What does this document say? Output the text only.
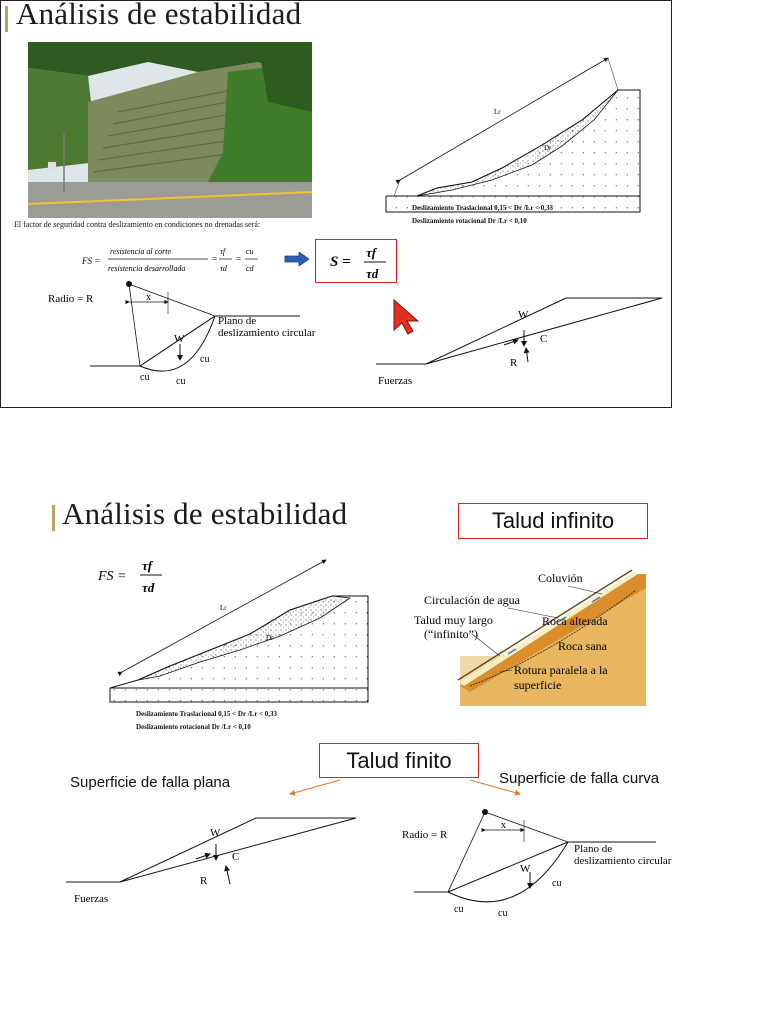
Análisis de estabilidad
El factor de seguridad contra deslizamiento en condiciones no drenadas será:
FS =
resistencia al corte
resistencia desarrollada
=
τf
τd
=
cu
cd	S =
τf
τd
Lr
Dr
Deslizamiento Traslacional 0,15 < Dr /Lr < 0,33
Deslizamiento rotacional Dr /Lr < 0,10
Radio = R	x
W
Plano de
deslizamiento circular
cu
cu	cu
W
C
R
Fuerzas
Análisis de estabilidad	Talud infinito
FS =
τf
τd
Lr
Dr
Deslizamiento Traslacional 0,15 < Dr /Lr < 0,33
Deslizamiento rotacional Dr /Lr < 0,10
Coluvión
Circulación de agua
Talud muy largo
(“infinito”)
Roca alterada
Roca sana
Rotura paralela a la
superficie
Talud finito
Superficie de falla plana	Superficie de falla curva
W
C
R
Fuerzas
Radio = R
x
W
Plano de
deslizamiento circular
cu
cu	cu
